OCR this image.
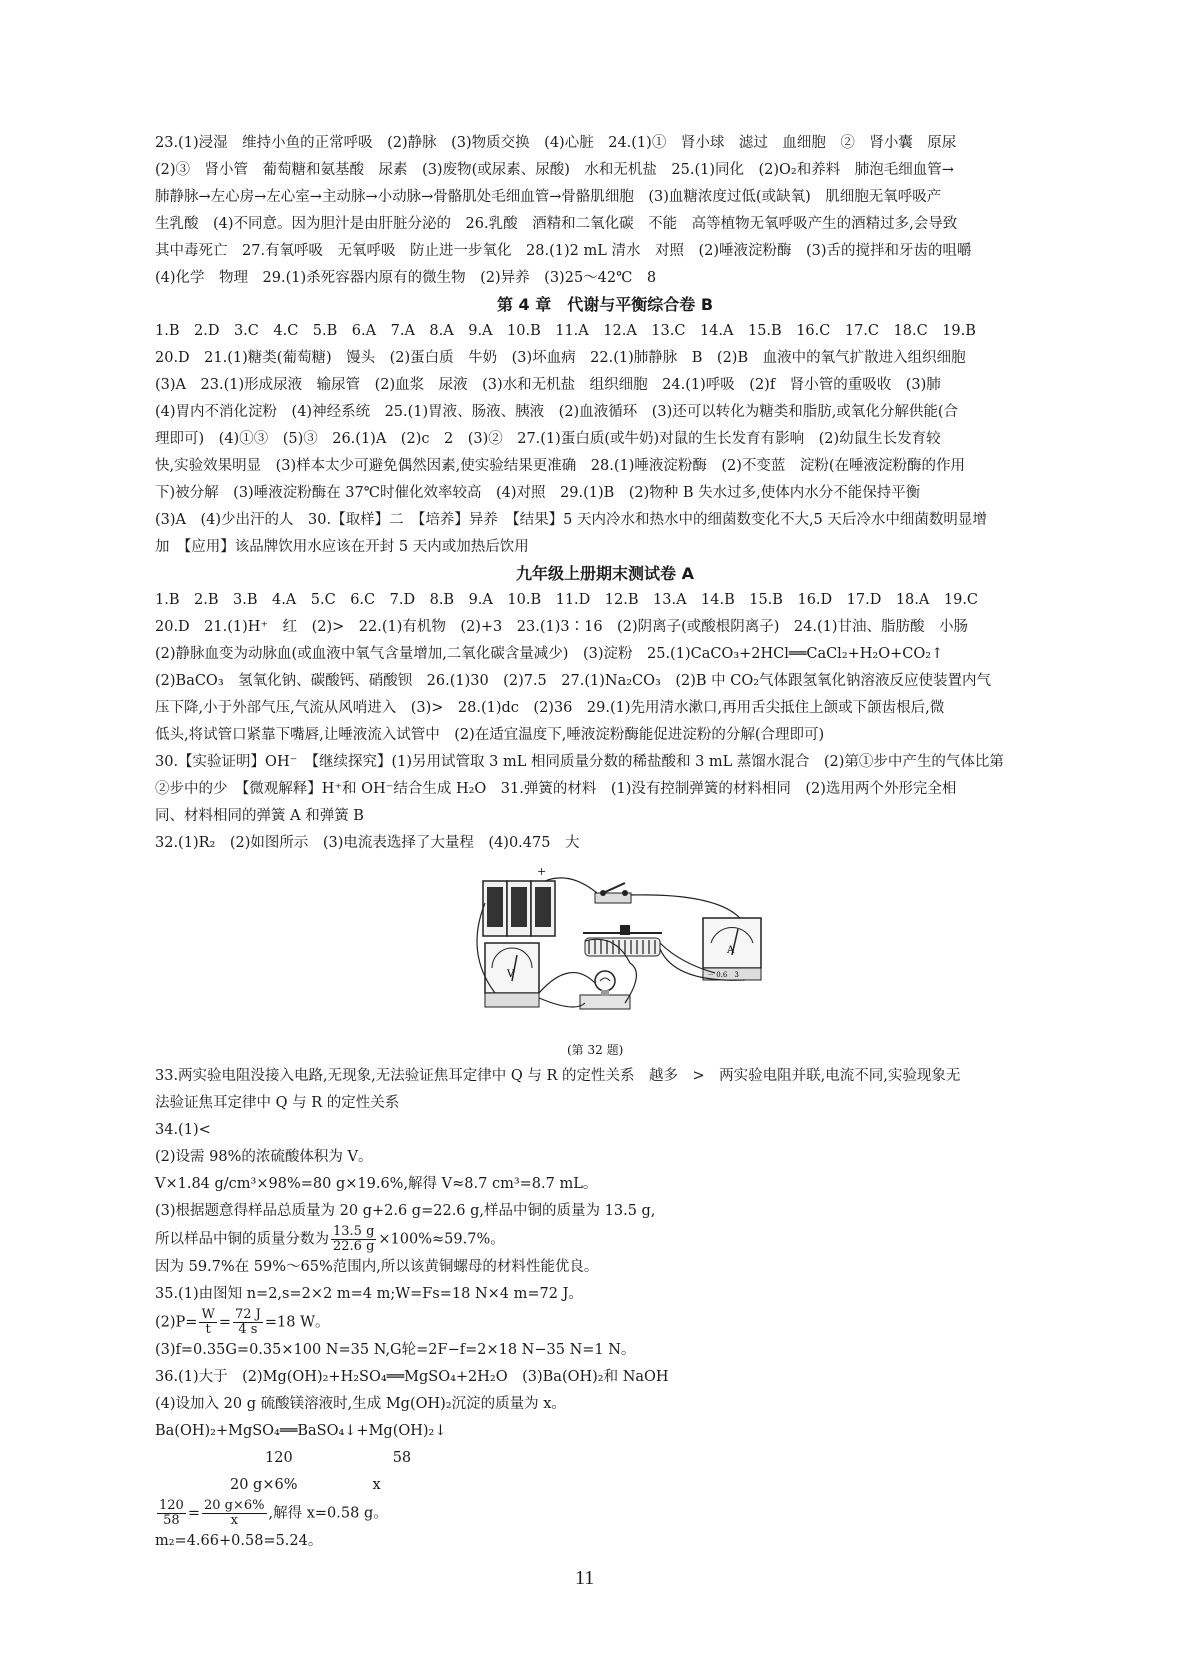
23.(1)浸湿　维持小鱼的正常呼吸　(2)静脉　(3)物质交换　(4)心脏　24.(1)①　肾小球　滤过　血细胞　②　肾小囊　原尿

(2)③　肾小管　葡萄糖和氨基酸　尿素　(3)废物(或尿素、尿酸)　水和无机盐　25.(1)同化　(2)O₂和养料　肺泡毛细血管→

肺静脉→左心房→左心室→主动脉→小动脉→骨骼肌处毛细血管→骨骼肌细胞　(3)血糖浓度过低(或缺氧)　肌细胞无氧呼吸产

生乳酸　(4)不同意。因为胆汁是由肝脏分泌的　26.乳酸　酒精和二氧化碳　不能　高等植物无氧呼吸产生的酒精过多,会导致

其中毒死亡　27.有氧呼吸　无氧呼吸　防止进一步氧化　28.(1)2 mL 清水　对照　(2)唾液淀粉酶　(3)舌的搅拌和牙齿的咀嚼

(4)化学　物理　29.(1)杀死容器内原有的微生物　(2)异养　(3)25～42℃　8

第 4 章　代谢与平衡综合卷 B

1.B　2.D　3.C　4.C　5.B　6.A　7.A　8.A　9.A　10.B　11.A　12.A　13.C　14.A　15.B　16.C　17.C　18.C　19.B

20.D　21.(1)糖类(葡萄糖)　馒头　(2)蛋白质　牛奶　(3)坏血病　22.(1)肺静脉　B　(2)B　血液中的氧气扩散进入组织细胞

(3)A　23.(1)形成尿液　输尿管　(2)血浆　尿液　(3)水和无机盐　组织细胞　24.(1)呼吸　(2)f　肾小管的重吸收　(3)肺

(4)胃内不消化淀粉　(4)神经系统　25.(1)胃液、肠液、胰液　(2)血液循环　(3)还可以转化为糖类和脂肪,或氧化分解供能(合

理即可)　(4)①③　(5)③　26.(1)A　(2)c　2　(3)②　27.(1)蛋白质(或牛奶)对鼠的生长发育有影响　(2)幼鼠生长发育较

快,实验效果明显　(3)样本太少可避免偶然因素,使实验结果更准确　28.(1)唾液淀粉酶　(2)不变蓝　淀粉(在唾液淀粉酶的作用

下)被分解　(3)唾液淀粉酶在 37℃时催化效率较高　(4)对照　29.(1)B　(2)物种 B 失水过多,使体内水分不能保持平衡

(3)A　(4)少出汗的人　30.【取样】二　【培养】异养　【结果】5 天内冷水和热水中的细菌数变化不大,5 天后冷水中细菌数明显增

加　【应用】该品牌饮用水应该在开封 5 天内或加热后饮用

九年级上册期末测试卷 A

1.B　2.B　3.B　4.A　5.C　6.C　7.D　8.B　9.A　10.B　11.D　12.B　13.A　14.B　15.B　16.D　17.D　18.A　19.C

20.D　21.(1)H⁺　红　(2)>　22.(1)有机物　(2)+3　23.(1)3∶16　(2)阴离子(或酸根阴离子)　24.(1)甘油、脂肪酸　小肠

(2)静脉血变为动脉血(或血液中氧气含量增加,二氧化碳含量减少)　(3)淀粉　25.(1)CaCO₃+2HCl══CaCl₂+H₂O+CO₂↑

(2)BaCO₃　氢氧化钠、碳酸钙、硝酸钡　26.(1)30　(2)7.5　27.(1)Na₂CO₃　(2)B 中 CO₂气体跟氢氧化钠溶液反应使装置内气

压下降,小于外部气压,气流从风哨进入　(3)>　28.(1)dc　(2)36　29.(1)先用清水漱口,再用舌尖抵住上颌或下颌齿根后,微

低头,将试管口紧靠下嘴唇,让唾液流入试管中　(2)在适宜温度下,唾液淀粉酶能促进淀粉的分解(合理即可)

30.【实验证明】OH⁻　【继续探究】(1)另用试管取 3 mL 相同质量分数的稀盐酸和 3 mL 蒸馏水混合　(2)第①步中产生的气体比第

②步中的少　【微观解释】H⁺和 OH⁻结合生成 H₂O　31.弹簧的材料　(1)没有控制弹簧的材料相同　(2)选用两个外形完全相

同、材料相同的弹簧 A 和弹簧 B

32.(1)R₂　(2)如图所示　(3)电流表选择了大量程　(4)0.475　大

+
A
－ 0.6　3
V
(第 32 题)

33.两实验电阻没接入电路,无现象,无法验证焦耳定律中 Q 与 R 的定性关系　越多　>　两实验电阻并联,电流不同,实验现象无

法验证焦耳定律中 Q 与 R 的定性关系

34.(1)<

(2)设需 98%的浓硫酸体积为 V。

V×1.84 g/cm³×98%=80 g×19.6%,解得 V≈8.7 cm³=8.7 mL。

(3)根据题意得样品总质量为 20 g+2.6 g=22.6 g,样品中铜的质量为 13.5 g,

所以样品中铜的质量分数为 $\frac{13.5 g}{22.6 g} \times 100\%\approx 59.7\%$。

因为 59.7%在 59%～65%范围内,所以该黄铜螺母的材料性能优良。

35.(1)由图知 n=2,s=2×2 m=4 m;W=Fs=18 N×4 m=72 J。

$(2)P= \frac{W}{t} = \frac{72 J}{4 s} =18$ W。

(3)f=0.35G=0.35×100 N=35 N,G轮=2F−f=2×18 N−35 N=1 N。

36.(1)大于　(2)Mg(OH)₂+H₂SO₄══MgSO₄+2H₂O　(3)Ba(OH)₂和 NaOH

(4)设加入 20 g 硫酸镁溶液时,生成 Mg(OH)₂沉淀的质量为 x。

Ba(OH)₂+MgSO₄══BaSO₄↓+Mg(OH)₂↓

120	58

20 g×6%	x

$\frac{120}{58} = \frac{20 g\times 6\%}{x}$ ,解得 x=0.58 g。

m₂=4.66+0.58=5.24。

11
